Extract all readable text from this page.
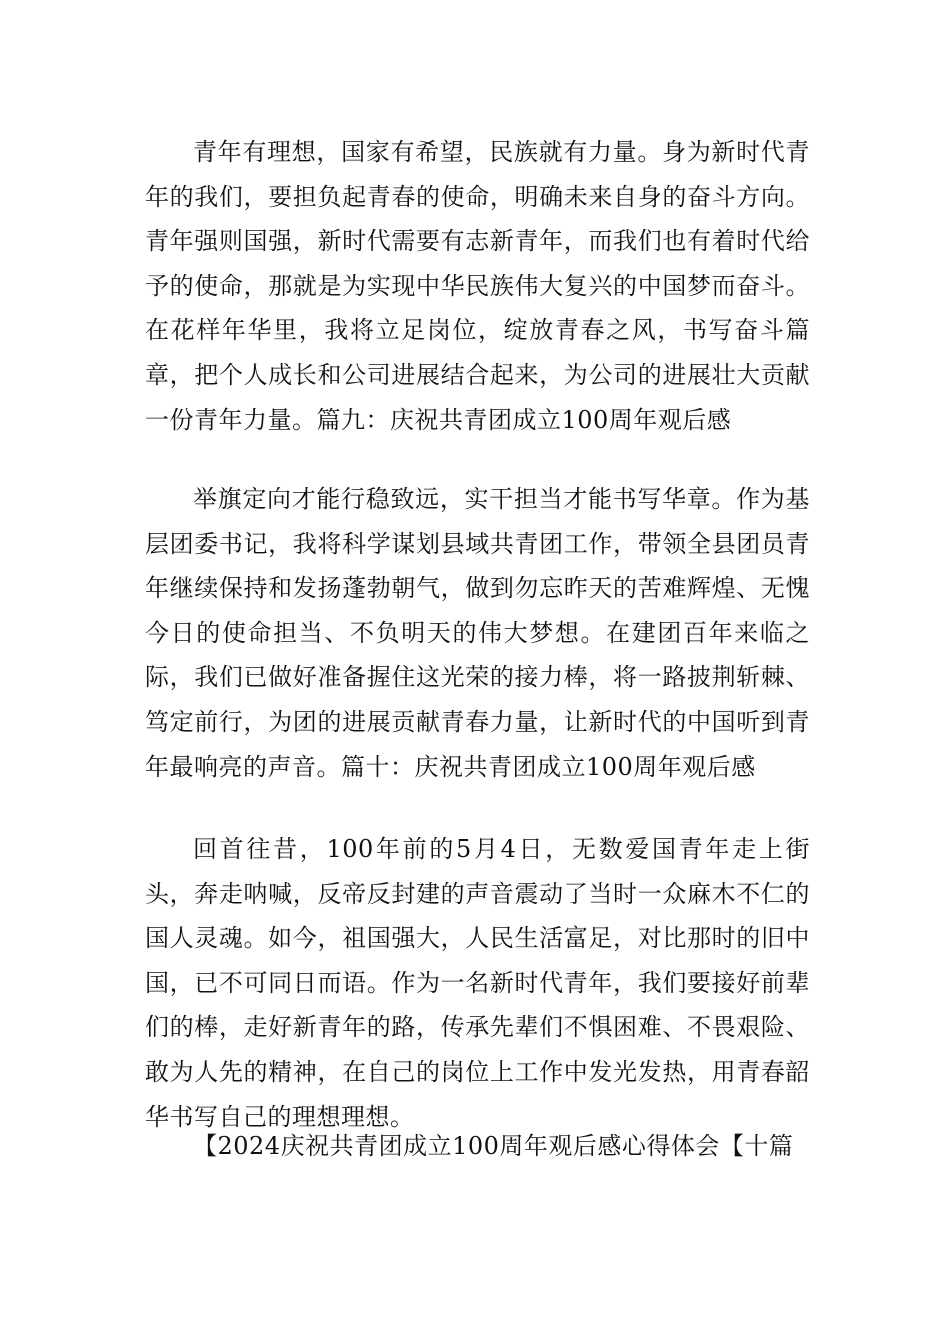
青年有理想，国家有希望，民族就有力量。身为新时代青年的我们，要担负起青春的使命，明确未来自身的奋斗方向。青年强则国强，新时代需要有志新青年，而我们也有着时代给予的使命，那就是为实现中华民族伟大复兴的中国梦而奋斗。在花样年华里，我将立足岗位，绽放青春之风，书写奋斗篇章，把个人成长和公司进展结合起来，为公司的进展壮大贡献一份青年力量。篇九：庆祝共青团成立100周年观后感

举旗定向才能行稳致远，实干担当才能书写华章。作为基层团委书记，我将科学谋划县域共青团工作，带领全县团员青年继续保持和发扬蓬勃朝气，做到勿忘昨天的苦难辉煌、无愧今日的使命担当、不负明天的伟大梦想。在建团百年来临之际，我们已做好准备握住这光荣的接力棒，将一路披荆斩棘、笃定前行，为团的进展贡献青春力量，让新时代的中国听到青年最响亮的声音。篇十：庆祝共青团成立100周年观后感

回首往昔，100年前的5月4日，无数爱国青年走上街头，奔走呐喊，反帝反封建的声音震动了当时一众麻木不仁的国人灵魂。如今，祖国强大，人民生活富足，对比那时的旧中国，已不可同日而语。作为一名新时代青年，我们要接好前辈们的棒，走好新青年的路，传承先辈们不惧困难、不畏艰险、敢为人先的精神，在自己的岗位上工作中发光发热，用青春韶华书写自己的理想理想。

【2024庆祝共青团成立100周年观后感心得体会【十篇
